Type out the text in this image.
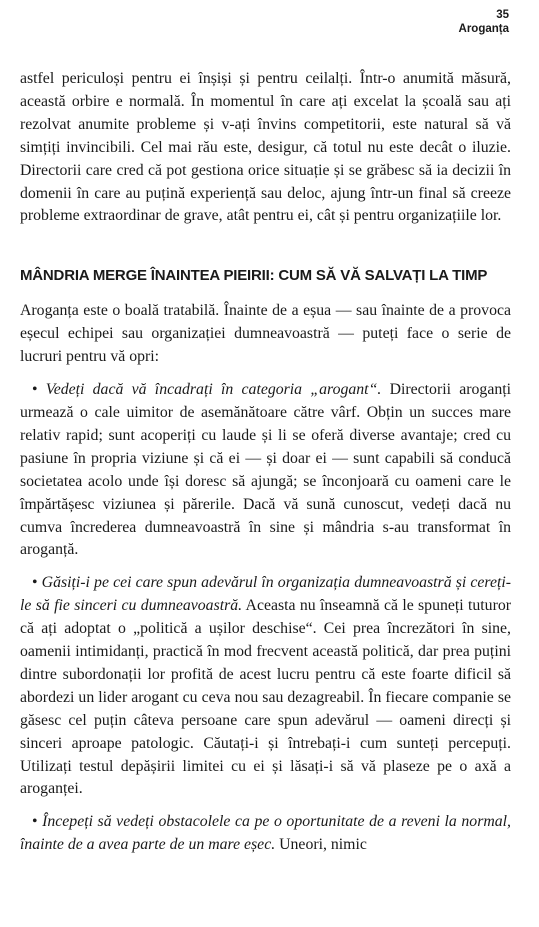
35
Aroganța

astfel periculoși pentru ei înșiși și pentru ceilalți. Într-o anumită măsură, această orbire e normală. În momentul în care ați excelat la școală sau ați rezolvat anumite probleme și v-ați învins competitorii, este natural să vă simțiți invincibili. Cel mai rău este, desigur, că totul nu este decât o iluzie. Directorii care cred că pot gestiona orice situație și se grăbesc să ia decizii în domenii în care au puțină experiență sau deloc, ajung într-un final să creeze probleme extraordinar de grave, atât pentru ei, cât și pentru organizațiile lor.

MÂNDRIA MERGE ÎNAINTEA PIEIRII: CUM SĂ VĂ SALVAȚI LA TIMP

Aroganța este o boală tratabilă. Înainte de a eșua — sau înainte de a provoca eșecul echipei sau organizației dumneavoastră — puteți face o serie de lucruri pentru vă opri:

• Vedeți dacă vă încadrați în categoria „arogant“. Directorii aroganți urmează o cale uimitor de asemănătoare către vârf. Obțin un succes mare relativ rapid; sunt acoperiți cu laude și li se oferă diverse avantaje; cred cu pasiune în propria viziune și că ei — și doar ei — sunt capabili să conducă societatea acolo unde își doresc să ajungă; se înconjoară cu oameni care le împărtășesc viziunea și părerile. Dacă vă sună cunoscut, vedeți dacă nu cumva încrederea dumneavoastră în sine și mândria s-au transformat în aroganță.

• Găsiți-i pe cei care spun adevărul în organizația dumneavoastră și cereți-le să fie sinceri cu dumneavoastră. Aceasta nu înseamnă că le spuneți tuturor că ați adoptat o „politică a ușilor deschise“. Cei prea încrezători în sine, oamenii intimidanți, practică în mod frecvent această politică, dar prea puțini dintre subordonații lor profită de acest lucru pentru că este foarte dificil să abordezi un lider arogant cu ceva nou sau dezagreabil. În fiecare companie se găsesc cel puțin câteva persoane care spun adevărul — oameni direcți și sinceri aproape patologic. Căutați-i și întrebați-i cum sunteți percepuți. Utilizați testul depășirii limitei cu ei și lăsați-i să vă plaseze pe o axă a aroganței.

• Începeți să vedeți obstacolele ca pe o oportunitate de a reveni la normal, înainte de a avea parte de un mare eșec. Uneori, nimic
